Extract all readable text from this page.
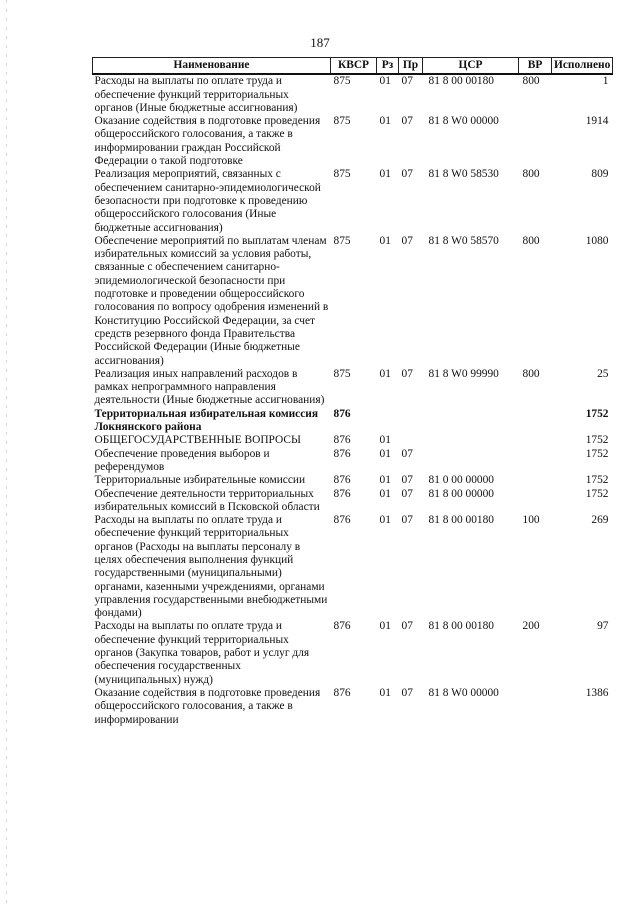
187
Наименование	КВСР	Рз	Пр	ЦСР	ВР	Исполнено
Расходы на выплаты по оплате труда и обеспечение функций территориальных органов (Иные бюджетные ассигнования)	875	01	07	81 8 00 00180	800	1
Оказание содействия в подготовке проведения общероссийского голосования, а также в информировании граждан Российской Федерации о такой подготовке	875	01	07	81 8 W0 00000		1914
Реализация мероприятий, связанных с обеспечением санитарно-эпидемиологической безопасности при подготовке к проведению общероссийского голосования (Иные бюджетные ассигнования)	875	01	07	81 8 W0 58530	800	809
Обеспечение мероприятий по выплатам членам избирательных комиссий за условия работы, связанные с обеспечением санитарно-эпидемиологической безопасности при подготовке и проведении общероссийского голосования по вопросу одобрения изменений в Конституцию Российской Федерации, за счет средств резервного фонда Правительства Российской Федерации (Иные бюджетные ассигнования)	875	01	07	81 8 W0 58570	800	1080
Реализация иных направлений расходов в рамках непрограммного направления деятельности (Иные бюджетные ассигнования)	875	01	07	81 8 W0 99990	800	25
Территориальная избирательная комиссия Локнянского района	876					1752
ОБЩЕГОСУДАРСТВЕННЫЕ ВОПРОСЫ	876	01				1752
Обеспечение проведения выборов и референдумов	876	01	07			1752
Территориальные избирательные комиссии	876	01	07	81 0 00 00000		1752
Обеспечение деятельности территориальных избирательных комиссий в Псковской области	876	01	07	81 8 00 00000		1752
Расходы на выплаты по оплате труда и обеспечение функций территориальных органов (Расходы на выплаты персоналу в целях обеспечения выполнения функций государственными (муниципальными) органами, казенными учреждениями, органами управления государственными внебюджетными фондами)	876	01	07	81 8 00 00180	100	269
Расходы на выплаты по оплате труда и обеспечение функций территориальных органов (Закупка товаров, работ и услуг для обеспечения государственных (муниципальных) нужд)	876	01	07	81 8 00 00180	200	97
Оказание содействия в подготовке проведения общероссийского голосования, а также в информировании	876	01	07	81 8 W0 00000		1386
